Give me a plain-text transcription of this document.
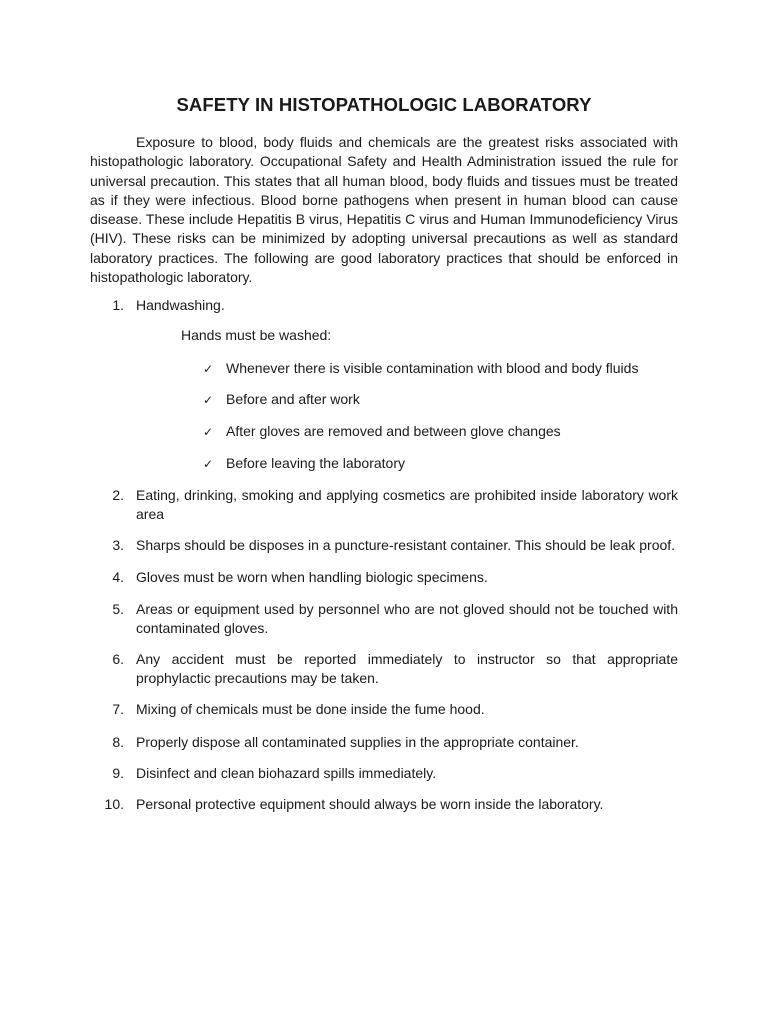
SAFETY IN HISTOPATHOLOGIC LABORATORY

Exposure to blood, body fluids and chemicals are the greatest risks associated with histopathologic laboratory. Occupational Safety and Health Administration issued the rule for universal precaution. This states that all human blood, body fluids and tissues must be treated as if they were infectious. Blood borne pathogens when present in human blood can cause disease. These include Hepatitis B virus, Hepatitis C virus and Human Immunodeficiency Virus (HIV). These risks can be minimized by adopting universal precautions as well as standard laboratory practices. The following are good laboratory practices that should be enforced in histopathologic laboratory.

1. Handwashing.
Hands must be washed:
✓ Whenever there is visible contamination with blood and body fluids
✓ Before and after work
✓ After gloves are removed and between glove changes
✓ Before leaving the laboratory
2. Eating, drinking, smoking and applying cosmetics are prohibited inside laboratory work area
3. Sharps should be disposes in a puncture-resistant container. This should be leak proof.
4. Gloves must be worn when handling biologic specimens.
5. Areas or equipment used by personnel who are not gloved should not be touched with contaminated gloves.
6. Any accident must be reported immediately to instructor so that appropriate prophylactic precautions may be taken.
7. Mixing of chemicals must be done inside the fume hood.
8. Properly dispose all contaminated supplies in the appropriate container.
9. Disinfect and clean biohazard spills immediately.
10. Personal protective equipment should always be worn inside the laboratory.
